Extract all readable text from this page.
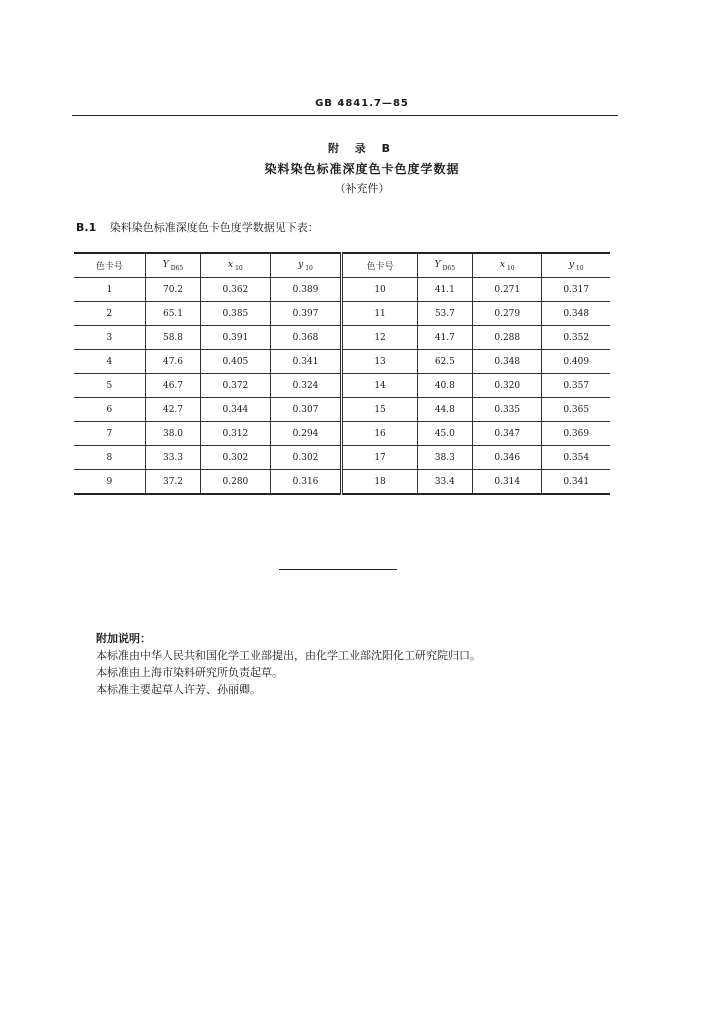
GB 4841.7—85
附 录 B
染料染色标准深度色卡色度学数据
（补充件）
B.1 染料染色标准深度色卡色度学数据见下表：
色卡号	Y $_{D65}$	x $_{10}$	y $_{10}$	色卡号	Y $_{D65}$	x $_{10}$	y $_{10}$
1	70.2	0.362	0.389	10	41.1	0.271	0.317
2	65.1	0.385	0.397	11	53.7	0.279	0.348
3	58.8	0.391	0.368	12	41.7	0.288	0.352
4	47.6	0.405	0.341	13	62.5	0.348	0.409
5	46.7	0.372	0.324	14	40.8	0.320	0.357
6	42.7	0.344	0.307	15	44.8	0.335	0.365
7	38.0	0.312	0.294	16	45.0	0.347	0.369
8	33.3	0.302	0.302	17	38.3	0.346	0.354
9	37.2	0.280	0.316	18	33.4	0.314	0.341
附加说明：
本标准由中华人民共和国化学工业部提出，由化学工业部沈阳化工研究院归口。
本标准由上海市染料研究所负责起草。
本标准主要起草人许芳、孙丽卿。
